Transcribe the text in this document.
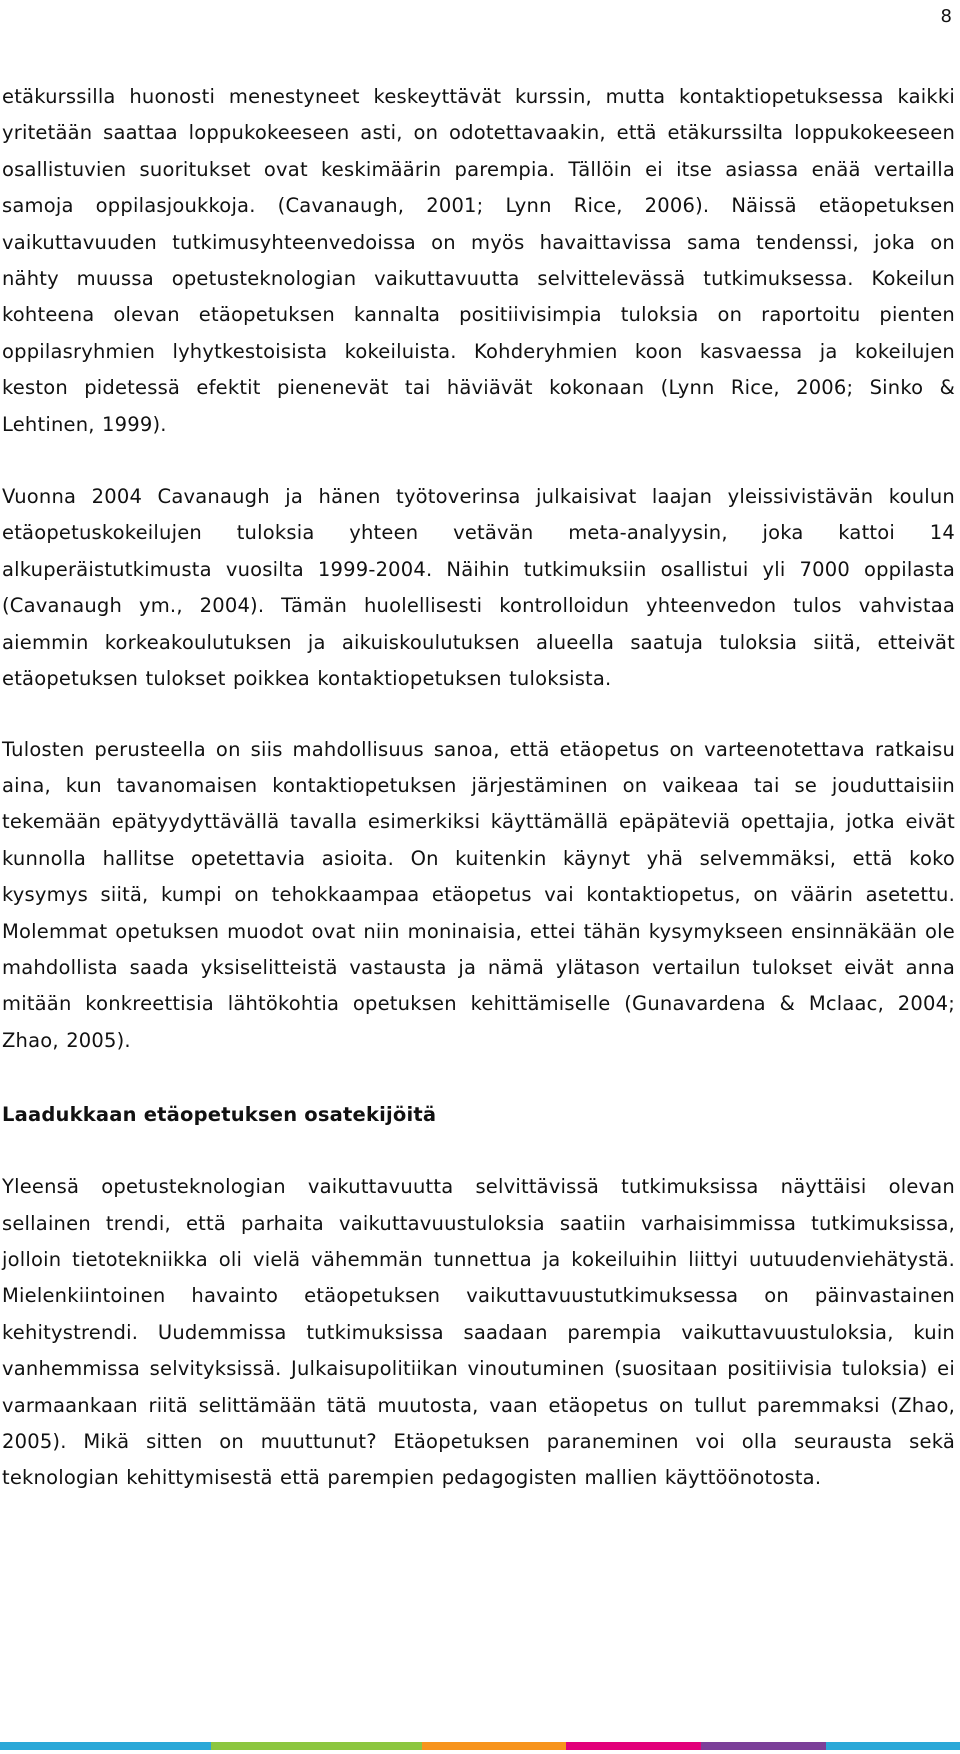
8

etäkurssilla huonosti menestyneet keskeyttävät kurssin, mutta kontaktiopetuksessa kaikki yritetään saattaa loppukokeeseen asti, on odotettavaakin, että etäkurssilta loppukokeeseen osallistuvien suoritukset ovat keskimäärin parempia. Tällöin ei itse asiassa enää vertailla samoja oppilasjoukkoja. (Cavanaugh, 2001; Lynn Rice, 2006). Näissä etäopetuksen vaikuttavuuden tutkimusyhteenvedoissa on myös havaittavissa sama tendenssi, joka on nähty muussa opetusteknologian vaikuttavuutta selvittelevässä tutkimuksessa. Kokeilun kohteena olevan etäopetuksen kannalta positiivisimpia tuloksia on raportoitu pienten oppilasryhmien lyhytkestoisista kokeiluista. Kohderyhmien koon kasvaessa ja kokeilujen keston pidetessä efektit pienenevät tai häviävät kokonaan (Lynn Rice, 2006; Sinko & Lehtinen, 1999).

Vuonna 2004 Cavanaugh ja hänen työtoverinsa julkaisivat laajan yleissivistävän koulun etäopetuskokeilujen tuloksia yhteen vetävän meta-analyysin, joka kattoi 14 alkuperäistutkimusta vuosilta 1999-2004. Näihin tutkimuksiin osallistui yli 7000 oppilasta (Cavanaugh ym., 2004). Tämän huolellisesti kontrolloidun yhteenvedon tulos vahvistaa aiemmin korkeakoulutuksen ja aikuiskoulutuksen alueella saatuja tuloksia siitä, etteivät etäopetuksen tulokset poikkea kontaktiopetuksen tuloksista.

Tulosten perusteella on siis mahdollisuus sanoa, että etäopetus on varteenotettava ratkaisu aina, kun tavanomaisen kontaktiopetuksen järjestäminen on vaikeaa tai se jouduttaisiin tekemään epätyydyttävällä tavalla esimerkiksi käyttämällä epäpäteviä opettajia, jotka eivät kunnolla hallitse opetettavia asioita. On kuitenkin käynyt yhä selvemmäksi, että koko kysymys siitä, kumpi on tehokkaampaa etäopetus vai kontaktiopetus, on väärin asetettu. Molemmat opetuksen muodot ovat niin moninaisia, ettei tähän kysymykseen ensinnäkään ole mahdollista saada yksiselitteistä vastausta ja nämä ylätason vertailun tulokset eivät anna mitään konkreettisia lähtökohtia opetuksen kehittämiselle (Gunavardena & Mclaac, 2004; Zhao, 2005).

Laadukkaan etäopetuksen osatekijöitä

Yleensä opetusteknologian vaikuttavuutta selvittävissä tutkimuksissa näyttäisi olevan sellainen trendi, että parhaita vaikuttavuustuloksia saatiin varhaisimmissa tutkimuksissa, jolloin tietotekniikka oli vielä vähemmän tunnettua ja kokeiluihin liittyi uutuudenviehätystä. Mielenkiintoinen havainto etäopetuksen vaikuttavuustutkimuksessa on päinvastainen kehitystrendi. Uudemmissa tutkimuksissa saadaan parempia vaikuttavuustuloksia, kuin vanhemmissa selvityksissä. Julkaisupolitiikan vinoutuminen (suositaan positiivisia tuloksia) ei varmaankaan riitä selittämään tätä muutosta, vaan etäopetus on tullut paremmaksi (Zhao, 2005). Mikä sitten on muuttunut? Etäopetuksen paraneminen voi olla seurausta sekä teknologian kehittymisestä että parempien pedagogisten mallien käyttöönotosta.
